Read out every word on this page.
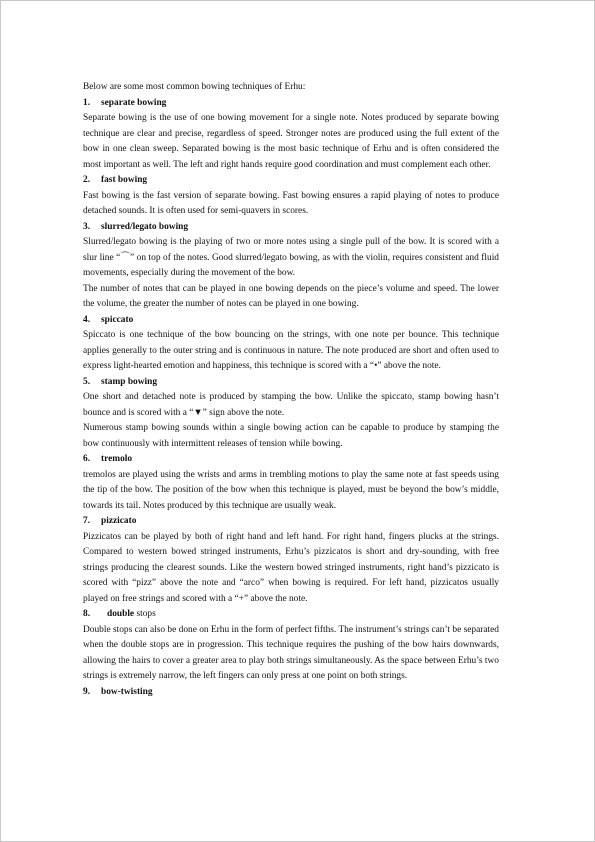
Below are some most common bowing techniques of Erhu:

1. separate bowing

Separate bowing is the use of one bowing movement for a single note. Notes produced by separate bowing technique are clear and precise, regardless of speed. Stronger notes are produced using the full extent of the bow in one clean sweep. Separated bowing is the most basic technique of Erhu and is often considered the most important as well. The left and right hands require good coordination and must complement each other.

2. fast bowing

Fast bowing is the fast version of separate bowing. Fast bowing ensures a rapid playing of notes to produce detached sounds. It is often used for semi-quavers in scores.

3. slurred/legato bowing

Slurred/legato bowing is the playing of two or more notes using a single pull of the bow. It is scored with a slur line “⌒” on top of the notes. Good slurred/legato bowing, as with the violin, requires consistent and fluid movements, especially during the movement of the bow.

The number of notes that can be played in one bowing depends on the piece’s volume and speed. The lower the volume, the greater the number of notes can be played in one bowing.

4. spiccato

Spiccato is one technique of the bow bouncing on the strings, with one note per bounce. This technique applies generally to the outer string and is continuous in nature. The note produced are short and often used to express light-hearted emotion and happiness, this technique is scored with a “•” above the note.

5. stamp bowing

One short and detached note is produced by stamping the bow. Unlike the spiccato, stamp bowing hasn’t bounce and is scored with a “▼” sign above the note.

Numerous stamp bowing sounds within a single bowing action can be capable to produce by stamping the bow continuously with intermittent releases of tension while bowing.

6. tremolo

tremolos are played using the wrists and arms in trembling motions to play the same note at fast speeds using the tip of the bow. The position of the bow when this technique is played, must be beyond the bow’s middle, towards its tail. Notes produced by this technique are usually weak.

7. pizzicato

Pizzicatos can be played by both of right hand and left hand. For right hand, fingers plucks at the strings. Compared to western bowed stringed instruments, Erhu’s pizzicatos is short and dry-sounding, with free strings producing the clearest sounds. Like the western bowed stringed instruments, right hand’s pizzicato is scored with “pizz” above the note and “arco” when bowing is required. For left hand, pizzicatos usually played on free strings and scored with a “+” above the note.

8. double stops

Double stops can also be done on Erhu in the form of perfect fifths. The instrument’s strings can’t be separated when the double stops are in progression. This technique requires the pushing of the bow hairs downwards, allowing the hairs to cover a greater area to play both strings simultaneously. As the space between Erhu’s two strings is extremely narrow, the left fingers can only press at one point on both strings.

9. bow-twisting
